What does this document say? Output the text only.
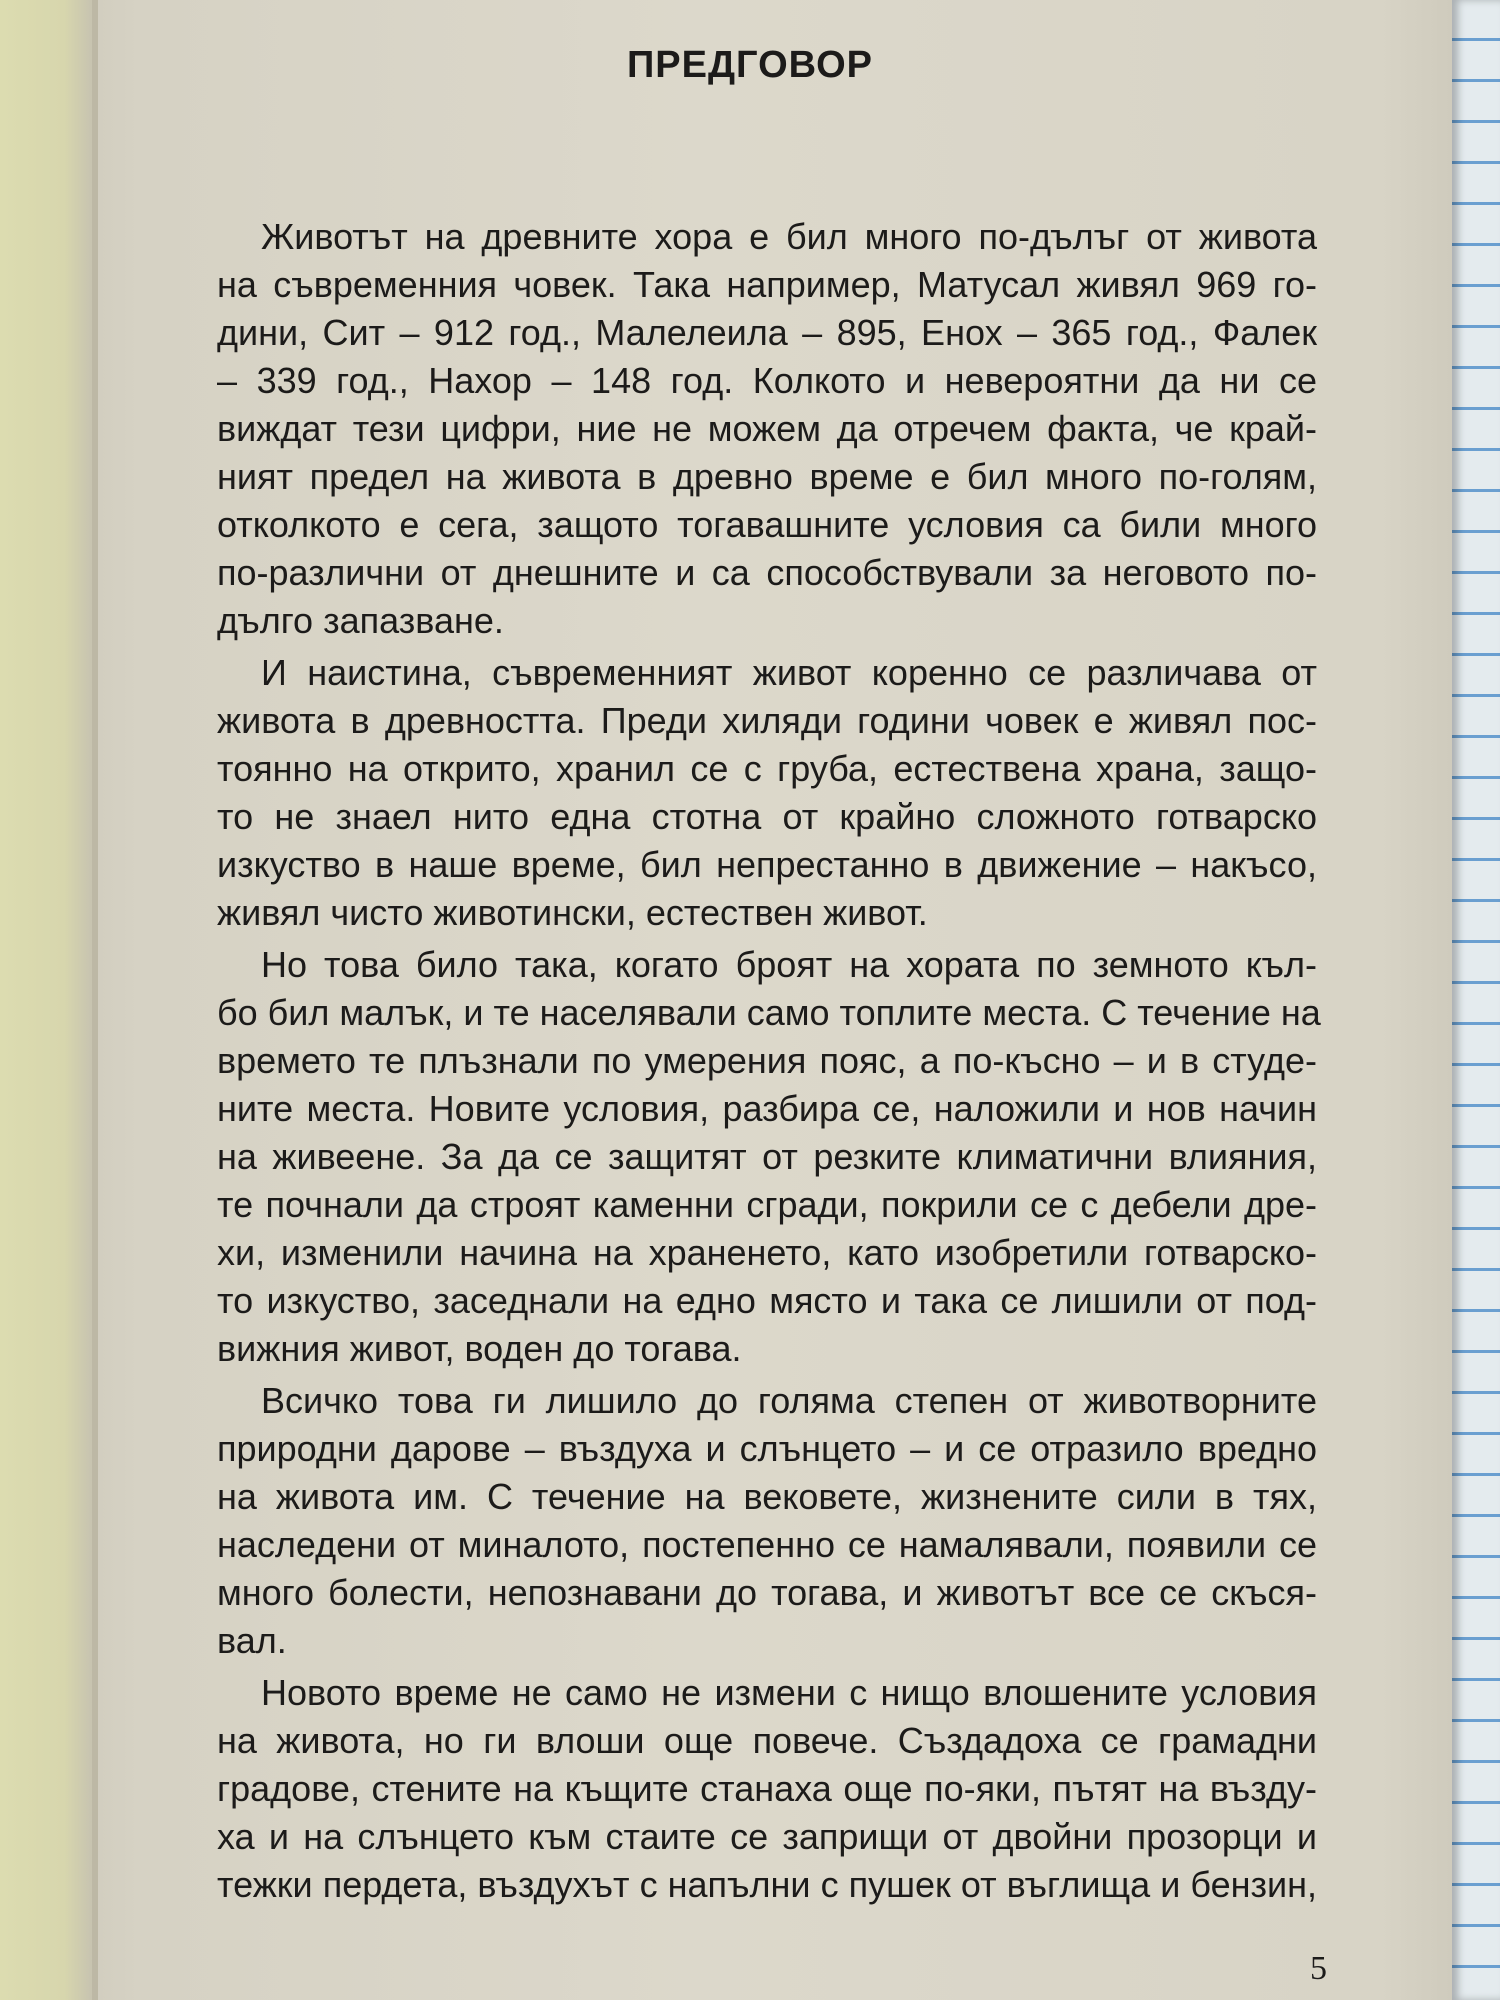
ПРЕДГОВОР
Животът на древните хора е бил много по-дълъг от живота
на съвременния човек. Така например, Матусал живял 969 го-
дини, Сит – 912 год., Малелеила – 895, Енох – 365 год., Фалек
– 339 год., Нахор – 148 год. Колкото и невероятни да ни се
виждат тези цифри, ние не можем да отречем факта, че край-
ният предел на живота в древно време е бил много по-голям,
отколкото е сега, защото тогавашните условия са били много
по-различни от днешните и са способствували за неговото по-
дълго запазване.
И наистина, съвременният живот коренно се различава от
живота в древността. Преди хиляди години човек е живял пос-
тоянно на открито, хранил се с груба, естествена храна, защо-
то не знаел нито една стотна от крайно сложното готварско
изкуство в наше време, бил непрестанно в движение – накъсо,
живял чисто животински, естествен живот.
Но това било така, когато броят на хората по земното къл-
бо бил малък, и те населявали само топлите места. С течение на
времето те плъзнали по умерения пояс, а по-късно – и в студе-
ните места. Новите условия, разбира се, наложили и нов начин
на живеене. За да се защитят от резките климатични влияния,
те почнали да строят каменни сгради, покрили се с дебели дре-
хи, изменили начина на храненето, като изобретили готварско-
то изкуство, заседнали на едно място и така се лишили от под-
вижния живот, воден до тогава.
Всичко това ги лишило до голяма степен от животворните
природни дарове – въздуха и слънцето – и се отразило вредно
на живота им. С течение на вековете, жизнените сили в тях,
наследени от миналото, постепенно се намалявали, появили се
много болести, непознавани до тогава, и животът все се скъся-
вал.
Новото време не само не измени с нищо влошените условия
на живота, но ги влоши още повече. Създадоха се грамадни
градове, стените на къщите станаха още по-яки, пътят на възду-
ха и на слънцето към стаите се заприщи от двойни прозорци и
тежки пердета, въздухът с напълни с пушек от въглища и бензин,
5
